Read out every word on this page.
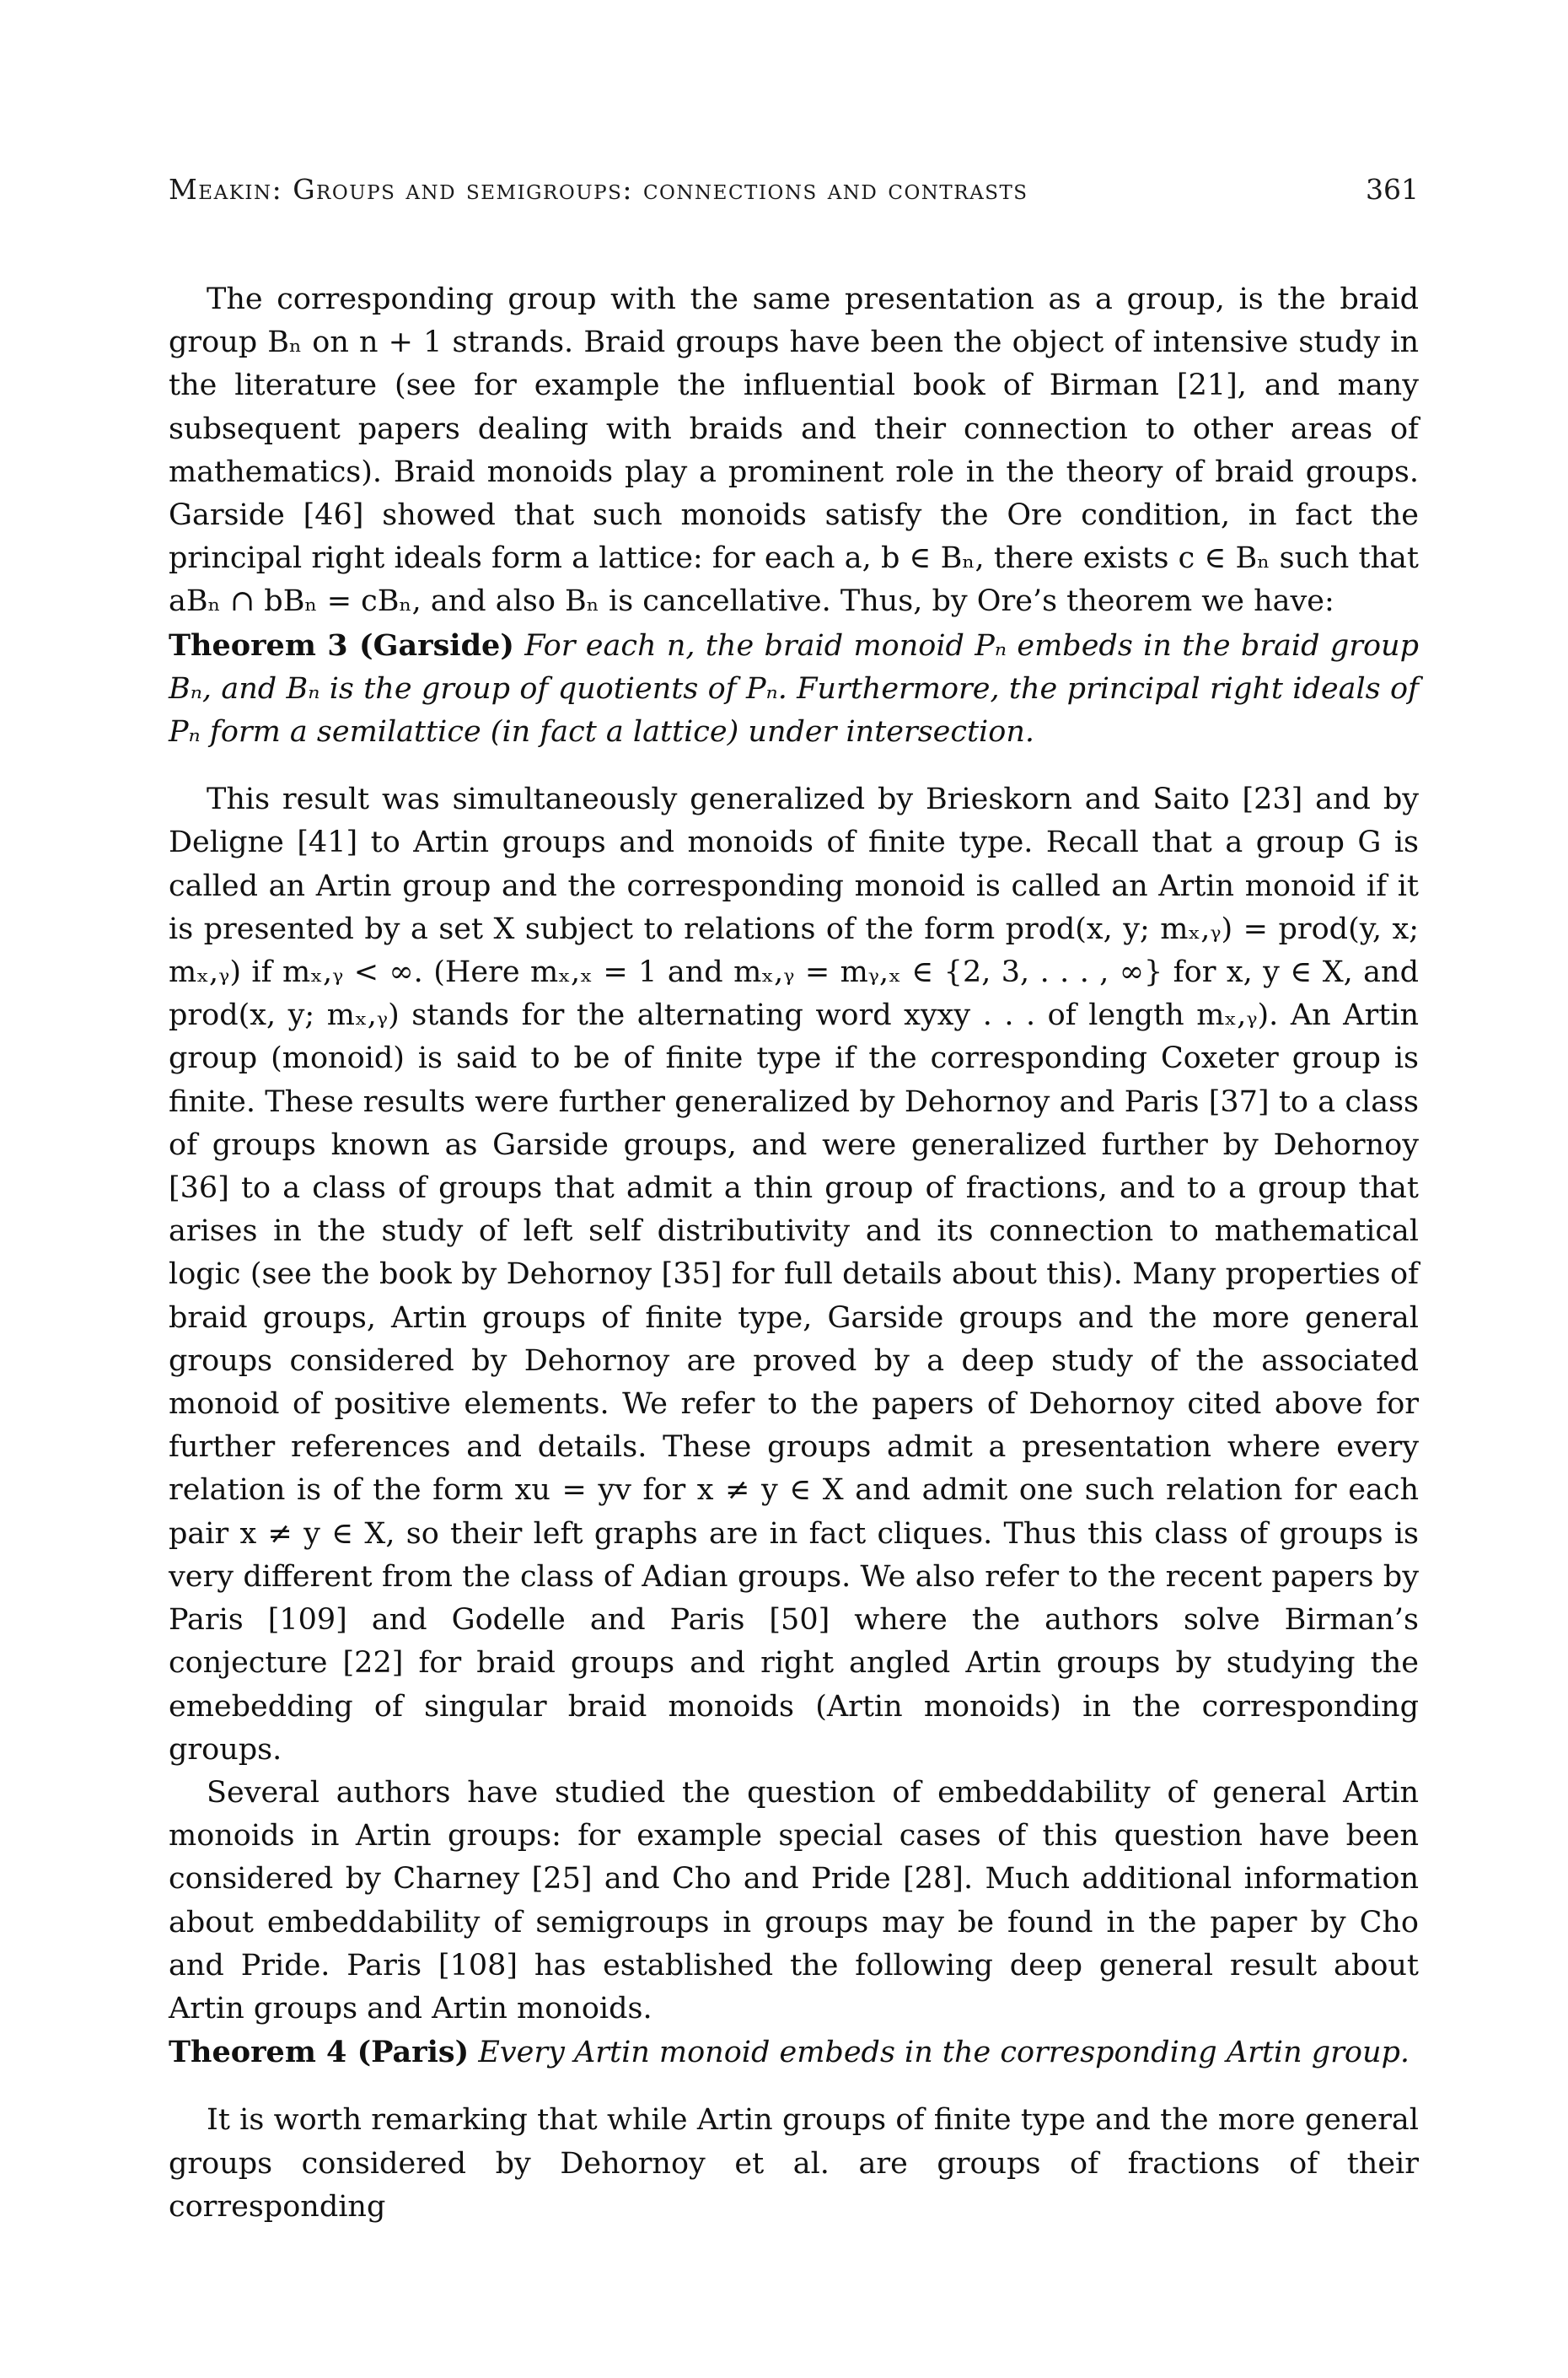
Meakin: Groups and semigroups: connections and contrasts	361

The corresponding group with the same presentation as a group, is the braid group Bₙ on n + 1 strands. Braid groups have been the object of intensive study in the literature (see for example the influential book of Birman [21], and many subsequent papers dealing with braids and their connection to other areas of mathematics). Braid monoids play a prominent role in the theory of braid groups. Garside [46] showed that such monoids satisfy the Ore condition, in fact the principal right ideals form a lattice: for each a, b ∈ Bₙ, there exists c ∈ Bₙ such that aBₙ ∩ bBₙ = cBₙ, and also Bₙ is cancellative. Thus, by Ore’s theorem we have:

Theorem 3 (Garside) For each n, the braid monoid Pₙ embeds in the braid group Bₙ, and Bₙ is the group of quotients of Pₙ. Furthermore, the principal right ideals of Pₙ form a semilattice (in fact a lattice) under intersection.

This result was simultaneously generalized by Brieskorn and Saito [23] and by Deligne [41] to Artin groups and monoids of finite type. Recall that a group G is called an Artin group and the corresponding monoid is called an Artin monoid if it is presented by a set X subject to relations of the form prod(x, y; mₓ,ᵧ) = prod(y, x; mₓ,ᵧ) if mₓ,ᵧ < ∞. (Here mₓ,ₓ = 1 and mₓ,ᵧ = mᵧ,ₓ ∈ {2, 3, . . . , ∞} for x, y ∈ X, and prod(x, y; mₓ,ᵧ) stands for the alternating word xyxy . . . of length mₓ,ᵧ). An Artin group (monoid) is said to be of finite type if the corresponding Coxeter group is finite. These results were further generalized by Dehornoy and Paris [37] to a class of groups known as Garside groups, and were generalized further by Dehornoy [36] to a class of groups that admit a thin group of fractions, and to a group that arises in the study of left self distributivity and its connection to mathematical logic (see the book by Dehornoy [35] for full details about this). Many properties of braid groups, Artin groups of finite type, Garside groups and the more general groups considered by Dehornoy are proved by a deep study of the associated monoid of positive elements. We refer to the papers of Dehornoy cited above for further references and details. These groups admit a presentation where every relation is of the form xu = yv for x ≠ y ∈ X and admit one such relation for each pair x ≠ y ∈ X, so their left graphs are in fact cliques. Thus this class of groups is very different from the class of Adian groups. We also refer to the recent papers by Paris [109] and Godelle and Paris [50] where the authors solve Birman’s conjecture [22] for braid groups and right angled Artin groups by studying the emebedding of singular braid monoids (Artin monoids) in the corresponding groups.

Several authors have studied the question of embeddability of general Artin monoids in Artin groups: for example special cases of this question have been considered by Charney [25] and Cho and Pride [28]. Much additional information about embeddability of semigroups in groups may be found in the paper by Cho and Pride. Paris [108] has established the following deep general result about Artin groups and Artin monoids.

Theorem 4 (Paris) Every Artin monoid embeds in the corresponding Artin group.

It is worth remarking that while Artin groups of finite type and the more general groups considered by Dehornoy et al. are groups of fractions of their corresponding
